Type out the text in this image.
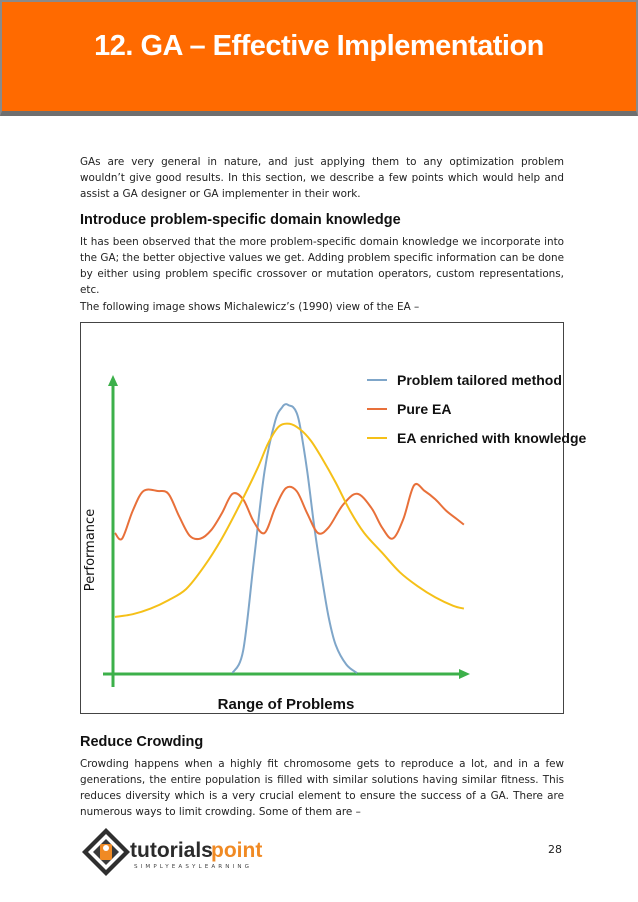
12. GA – Effective Implementation

GAs are very general in nature, and just applying them to any optimization problem wouldn’t give good results. In this section, we describe a few points which would help and assist a GA designer or GA implementer in their work.

Introduce problem-specific domain knowledge

It has been observed that the more problem-specific domain knowledge we incorporate into the GA; the better objective values we get. Adding problem specific information can be done by either using problem specific crossover or mutation operators, custom representations, etc.

The following image shows Michalewicz’s (1990) view of the EA –

Problem tailored method
Pure EA
EA enriched with knowledge
Range of Problems
Performance
Reduce Crowding

Crowding happens when a highly fit chromosome gets to reproduce a lot, and in a few generations, the entire population is filled with similar solutions having similar fitness. This reduces diversity which is a very crucial element to ensure the success of a GA. There are numerous ways to limit crowding. Some of them are –

tutorials
point
SIMPLYEASYLEARNING
28
